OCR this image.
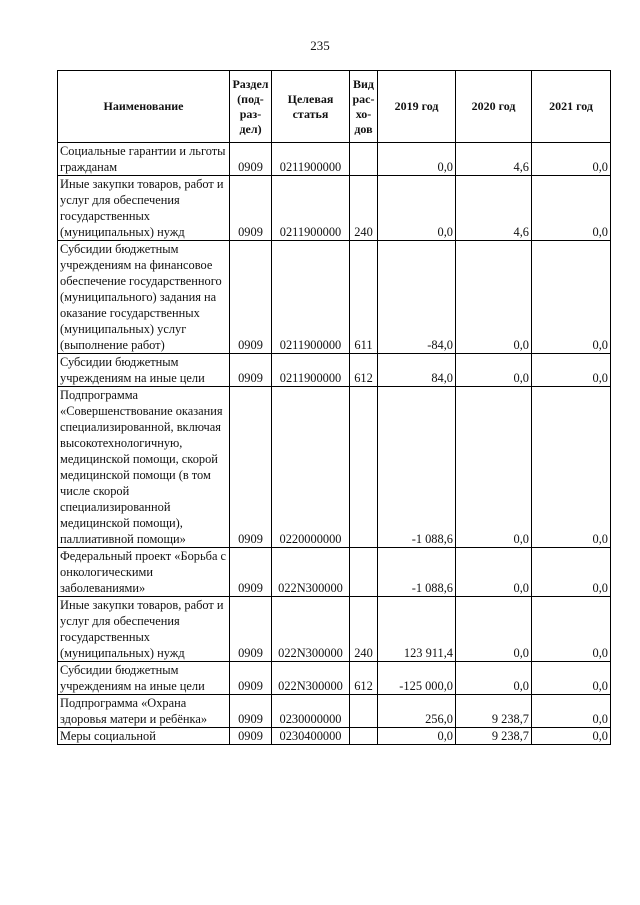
235
Наименование	Раздел (под-раз-дел)	Целевая статья	Вид рас-хо-дов	2019 год	2020 год	2021 год
Социальные гарантии и льготы гражданам	0909	0211900000		0,0	4,6	0,0
Иные закупки товаров, работ и услуг для обеспечения государственных (муниципальных) нужд	0909	0211900000	240	0,0	4,6	0,0
Субсидии бюджетным учреждениям на финансовое обеспечение государственного (муниципального) задания на оказание государственных (муниципальных) услуг (выполнение работ)	0909	0211900000	611	-84,0	0,0	0,0
Субсидии бюджетным учреждениям на иные цели	0909	0211900000	612	84,0	0,0	0,0
Подпрограмма «Совершенствование оказания специализированной, включая высокотехнологичную, медицинской помощи, скорой медицинской помощи (в том числе скорой специализированной медицинской помощи), паллиативной помощи»	0909	0220000000		-1 088,6	0,0	0,0
Федеральный проект «Борьба с онкологическими заболеваниями»	0909	022N300000		-1 088,6	0,0	0,0
Иные закупки товаров, работ и услуг для обеспечения государственных (муниципальных) нужд	0909	022N300000	240	123 911,4	0,0	0,0
Субсидии бюджетным учреждениям на иные цели	0909	022N300000	612	-125 000,0	0,0	0,0
Подпрограмма «Охрана здоровья матери и ребёнка»	0909	0230000000		256,0	9 238,7	0,0
Меры социальной	0909	0230400000		0,0	9 238,7	0,0
